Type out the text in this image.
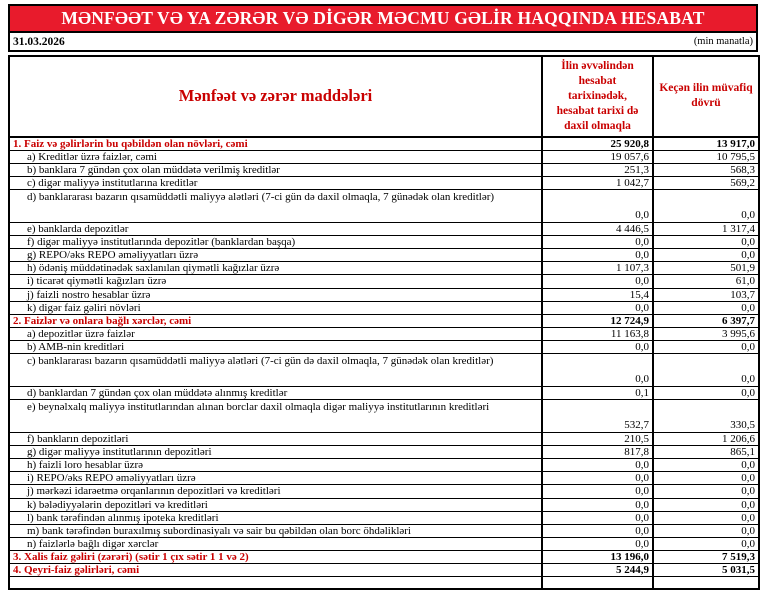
MƏNFƏƏT VƏ YA ZƏRƏR VƏ DİGƏR MƏCMU GƏLİR HAQQINDA HESABAT
31.03.2026	(min manatla)
Mənfəət və zərər maddələri	İlin əvvəlindən hesabat tarixinədək, hesabat tarixi də daxil olmaqla	Keçən ilin müvafiq dövrü
1. Faiz və gəlirlərin bu qəbildən olan növləri, cəmi	25 920,8	13 917,0
a) Kreditlər üzrə faizlər, cəmi	19 057,6	10 795,5
b) banklara 7 gündən çox olan müddətə verilmiş kreditlər	251,3	568,3
c) digər maliyyə institutlarına kreditlər	1 042,7	569,2
d) banklararası bazarın qısamüddətli maliyyə alətləri (7-ci gün də daxil olmaqla, 7 günədək olan kreditlər)	0,0	0,0
e) banklarda depozitlər	4 446,5	1 317,4
f) digər maliyyə institutlarında depozitlər (banklardan başqa)	0,0	0,0
g) REPO/əks REPO əməliyyatları üzrə	0,0	0,0
h) ödəniş müddətinədək saxlanılan qiymətli kağızlar üzrə	1 107,3	501,9
i) ticarət qiymətli kağızları üzrə	0,0	61,0
j) faizli nostro hesablar üzrə	15,4	103,7
k) digər faiz gəliri növləri	0,0	0,0
2. Faizlər və onlara bağlı xərclər, cəmi	12 724,9	6 397,7
a) depozitlər üzrə faizlər	11 163,8	3 995,6
b) AMB-nin kreditləri	0,0	0,0
c) banklararası bazarın qısamüddətli maliyyə alətləri (7-ci gün də daxil olmaqla, 7 günədək olan kreditlər)	0,0	0,0
d) banklardan 7 gündən çox olan müddətə alınmış kreditlər	0,1	0,0
e) beynəlxalq maliyyə institutlarından alınan borclar daxil olmaqla digər maliyyə institutlarının kreditləri	532,7	330,5
f) bankların depozitləri	210,5	1 206,6
g) digər maliyyə institutlarının depozitləri	817,8	865,1
h) faizli loro hesablar üzrə	0,0	0,0
i) REPO/əks REPO əməliyyatları üzrə	0,0	0,0
j) mərkəzi idarəetmə orqanlarının depozitləri və kreditləri	0,0	0,0
k) bələdiyyələrin depozitləri və kreditləri	0,0	0,0
l) bank tərəfindən alınmış ipoteka kreditləri	0,0	0,0
m) bank tərəfindən buraxılmış subordinasiyalı və sair bu qəbildən olan borc öhdəlikləri	0,0	0,0
n) faizlərlə bağlı digər xərclər	0,0	0,0
3. Xalis faiz gəliri (zərəri) (sətir 1 çıx sətir 1 1 və 2)	13 196,0	7 519,3
4. Qeyri-faiz gəlirləri, cəmi	5 244,9	5 031,5
